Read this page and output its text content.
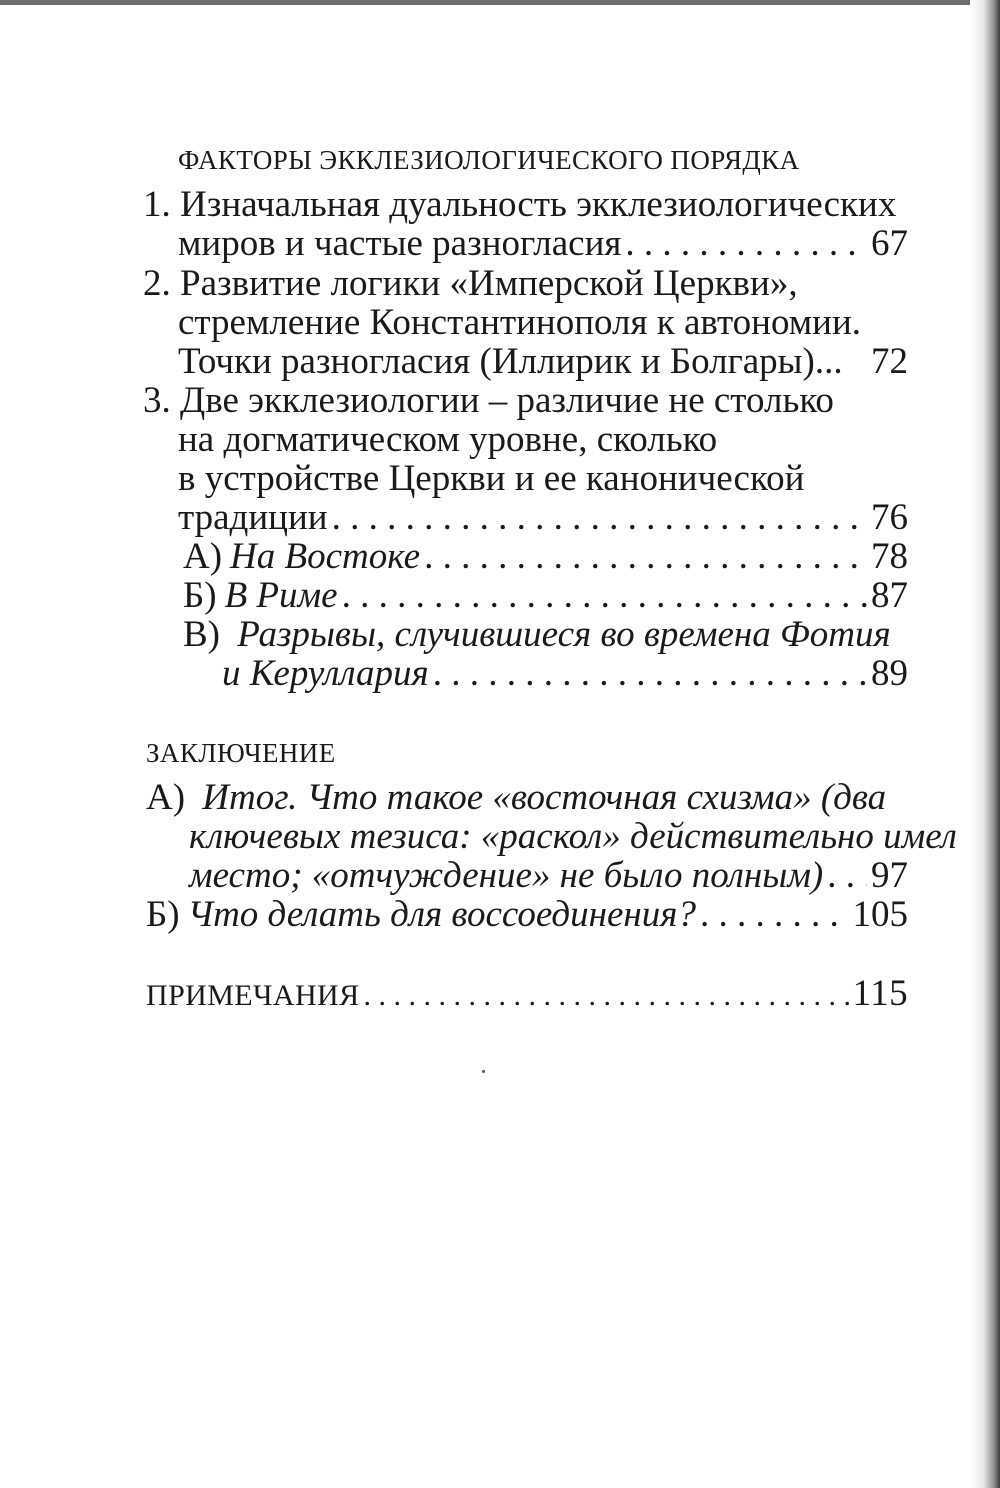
ФАКТОРЫ ЭККЛЕЗИОЛОГИЧЕСКОГО ПОРЯДКА
1. Изначальная дуальность экклезиологических
миров и частые разногласия . . .	67
2. Развитие логики «Имперской Церкви»,
стремление Константинополя к автономии.
Точки разногласия (Иллирик и Болгары)... 72
3. Две экклезиологии – различие не столько
на догматическом уровне, сколько
в устройстве Церкви и ее канонической
традиции . . .	76
А) На Востоке . . .	78
Б) В Риме . . .	87
В) Разрывы, случившиеся во времена Фотия
и Керуллария . . .	89
ЗАКЛЮЧЕНИЕ
А) Итог. Что такое «восточная схизма» (два
ключевых тезиса: «раскол» действительно имел
место; «отчуждение» не было полным) . . . 97
Б) Что делать для воссоединения? . . .	105
ПРИМЕЧАНИЯ . . .	115
